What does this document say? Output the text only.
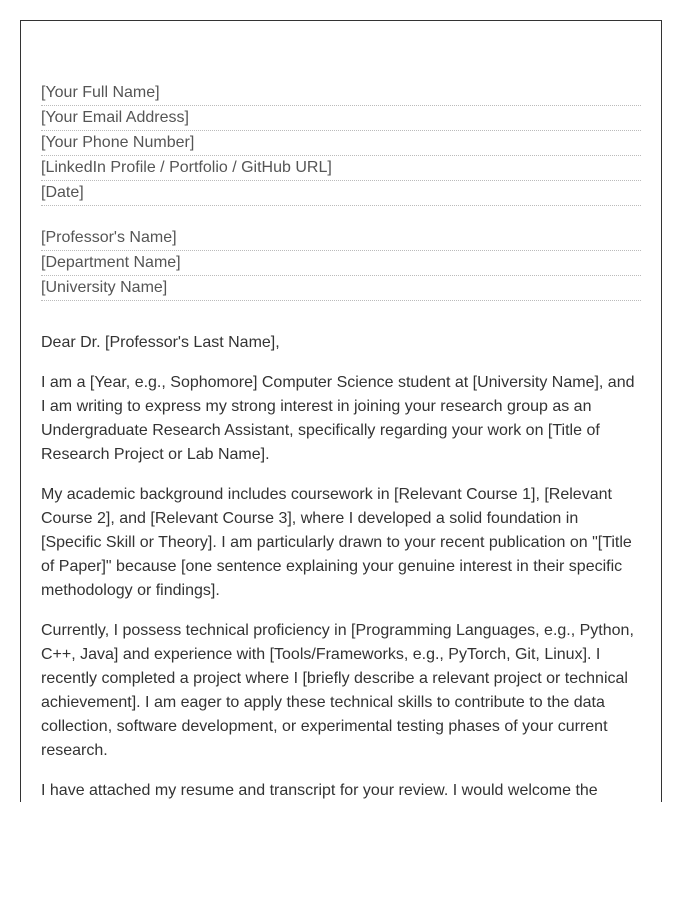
[Your Full Name]
[Your Email Address]
[Your Phone Number]
[LinkedIn Profile / Portfolio / GitHub URL]
[Date]
[Professor's Name]
[Department Name]
[University Name]
Dear Dr. [Professor's Last Name],
I am a [Year, e.g., Sophomore] Computer Science student at [University Name], and I am writing to express my strong interest in joining your research group as an Undergraduate Research Assistant, specifically regarding your work on [Title of Research Project or Lab Name].
My academic background includes coursework in [Relevant Course 1], [Relevant Course 2], and [Relevant Course 3], where I developed a solid foundation in [Specific Skill or Theory]. I am particularly drawn to your recent publication on "[Title of Paper]" because [one sentence explaining your genuine interest in their specific methodology or findings].
Currently, I possess technical proficiency in [Programming Languages, e.g., Python, C++, Java] and experience with [Tools/Frameworks, e.g., PyTorch, Git, Linux]. I recently completed a project where I [briefly describe a relevant project or technical achievement]. I am eager to apply these technical skills to contribute to the data collection, software development, or experimental testing phases of your current research.
I have attached my resume and transcript for your review. I would welcome the
